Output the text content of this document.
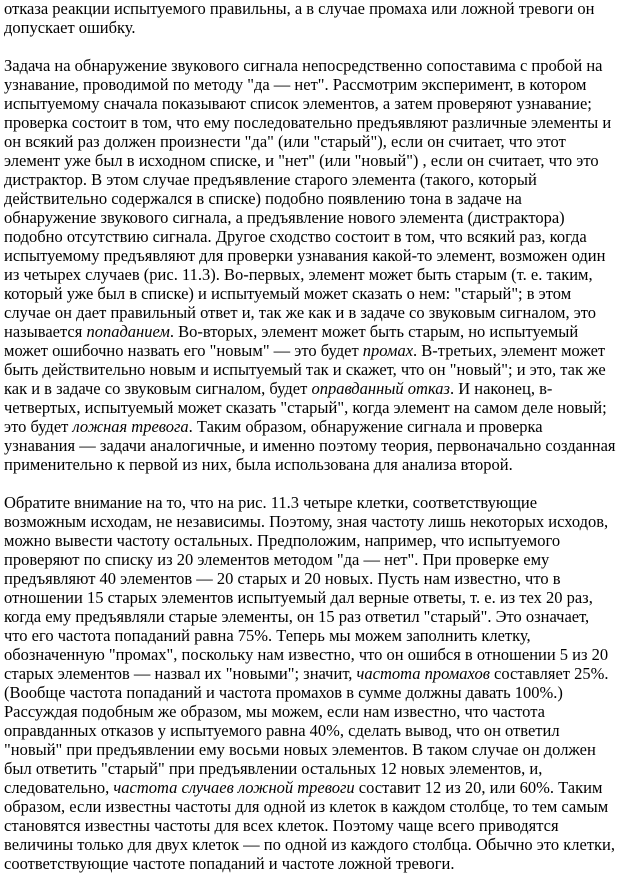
отказа реакции испытуемого правильны, а в случае промаха или ложной тревоги он допускает ошибку.

Задача на обнаружение звукового сигнала непосредственно сопоставима с пробой на узнавание, проводимой по методу "да — нет". Рассмотрим эксперимент, в котором испытуемому сначала показывают список элементов, а затем проверяют узнавание; проверка состоит в том, что ему последовательно предъявляют различные элементы и он всякий раз должен произнести "да" (или "старый"), если он считает, что этот элемент уже был в исходном списке, и "нет" (или "новый") , если он считает, что это дистрактор. В этом случае предъявление старого элемента (такого, который действительно содержался в списке) подобно появлению тона в задаче на обнаружение звукового сигнала, а предъявление нового элемента (дистрактора) подобно отсутствию сигнала. Другое сходство состоит в том, что всякий раз, когда испытуемому предъявляют для проверки узнавания какой-то элемент, возможен один из четырех случаев (рис. 11.3). Во-первых, элемент может быть старым (т. е. таким, который уже был в списке) и испытуемый может сказать о нем: "старый"; в этом случае он дает правильный ответ и, так же как и в задаче со звуковым сигналом, это называется попаданием. Во-вторых, элемент может быть старым, но испытуемый может ошибочно назвать его "новым" — это будет промах. В-третьих, элемент может быть действительно новым и испытуемый так и скажет, что он "новый"; и это, так же как и в задаче со звуковым сигналом, будет оправданный отказ. И наконец, в-четвертых, испытуемый может сказать "старый", когда элемент на самом деле новый; это будет ложная тревога. Таким образом, обнаружение сигнала и проверка узнавания — задачи аналогичные, и именно поэтому теория, первоначально созданная применительно к первой из них, была использована для анализа второй.

Обратите внимание на то, что на рис. 11.3 четыре клетки, соответствующие возможным исходам, не независимы. Поэтому, зная частоту лишь некоторых исходов, можно вывести частоту остальных. Предположим, например, что испытуемого проверяют по списку из 20 элементов методом "да — нет". При проверке ему предъявляют 40 элементов — 20 старых и 20 новых. Пусть нам известно, что в отношении 15 старых элементов испытуемый дал верные ответы, т. е. из тех 20 раз, когда ему предъявляли старые элементы, он 15 раз ответил "старый". Это означает, что его частота попаданий равна 75%. Теперь мы можем заполнить клетку, обозначенную "промах", поскольку нам известно, что он ошибся в отношении 5 из 20 старых элементов — назвал их "новыми"; значит, частота промахов составляет 25%. (Вообще частота попаданий и частота промахов в сумме должны давать 100%.) Рассуждая подобным же образом, мы можем, если нам известно, что частота оправданных отказов у испытуемого равна 40%, сделать вывод, что он ответил "новый" при предъявлении ему восьми новых элементов. В таком случае он должен был ответить "старый" при предъявлении остальных 12 новых элементов, и, следовательно, частота случаев ложной тревоги составит 12 из 20, или 60%. Таким образом, если известны частоты для одной из клеток в каждом столбце, то тем самым становятся известны частоты для всех клеток. Поэтому чаще всего приводятся величины только для двух клеток — по одной из каждого столбца. Обычно это клетки, соответствующие частоте попаданий и частоте ложной тревоги.
